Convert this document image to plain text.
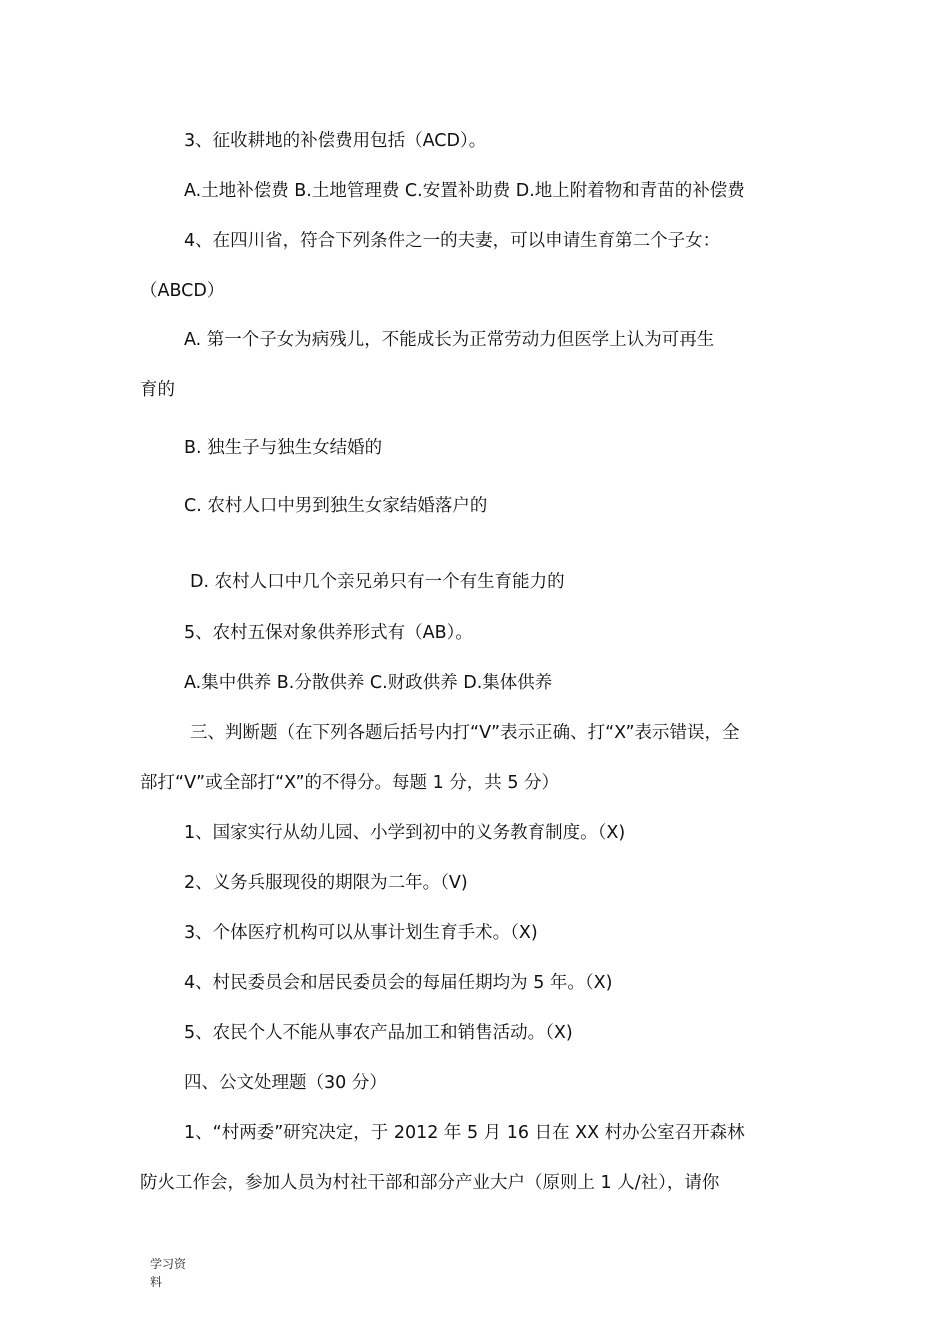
3、征收耕地的补偿费用包括（ACD）。
A.土地补偿费 B.土地管理费 C.安置补助费 D.地上附着物和青苗的补偿费
4、在四川省，符合下列条件之一的夫妻，可以申请生育第二个子女：
（ABCD）
A. 第一个子女为病残儿，不能成长为正常劳动力但医学上认为可再生
育的
B. 独生子与独生女结婚的
C. 农村人口中男到独生女家结婚落户的
D. 农村人口中几个亲兄弟只有一个有生育能力的
5、农村五保对象供养形式有（AB）。
A.集中供养 B.分散供养 C.财政供养 D.集体供养
三、判断题（在下列各题后括号内打“V”表示正确、打“X”表示错误，全
部打“V”或全部打“X”的不得分。每题 1 分，共 5 分）
1、国家实行从幼儿园、小学到初中的义务教育制度。（X)
2、义务兵服现役的期限为二年。（V)
3、个体医疗机构可以从事计划生育手术。（X)
4、村民委员会和居民委员会的每届任期均为 5 年。（X)
5、农民个人不能从事农产品加工和销售活动。（X)
四、公文处理题（30 分）
1、“村两委”研究决定，于 2012 年 5 月 16 日在 XX 村办公室召开森林
防火工作会，参加人员为村社干部和部分产业大户（原则上 1 人/社），请你
学习资
料
